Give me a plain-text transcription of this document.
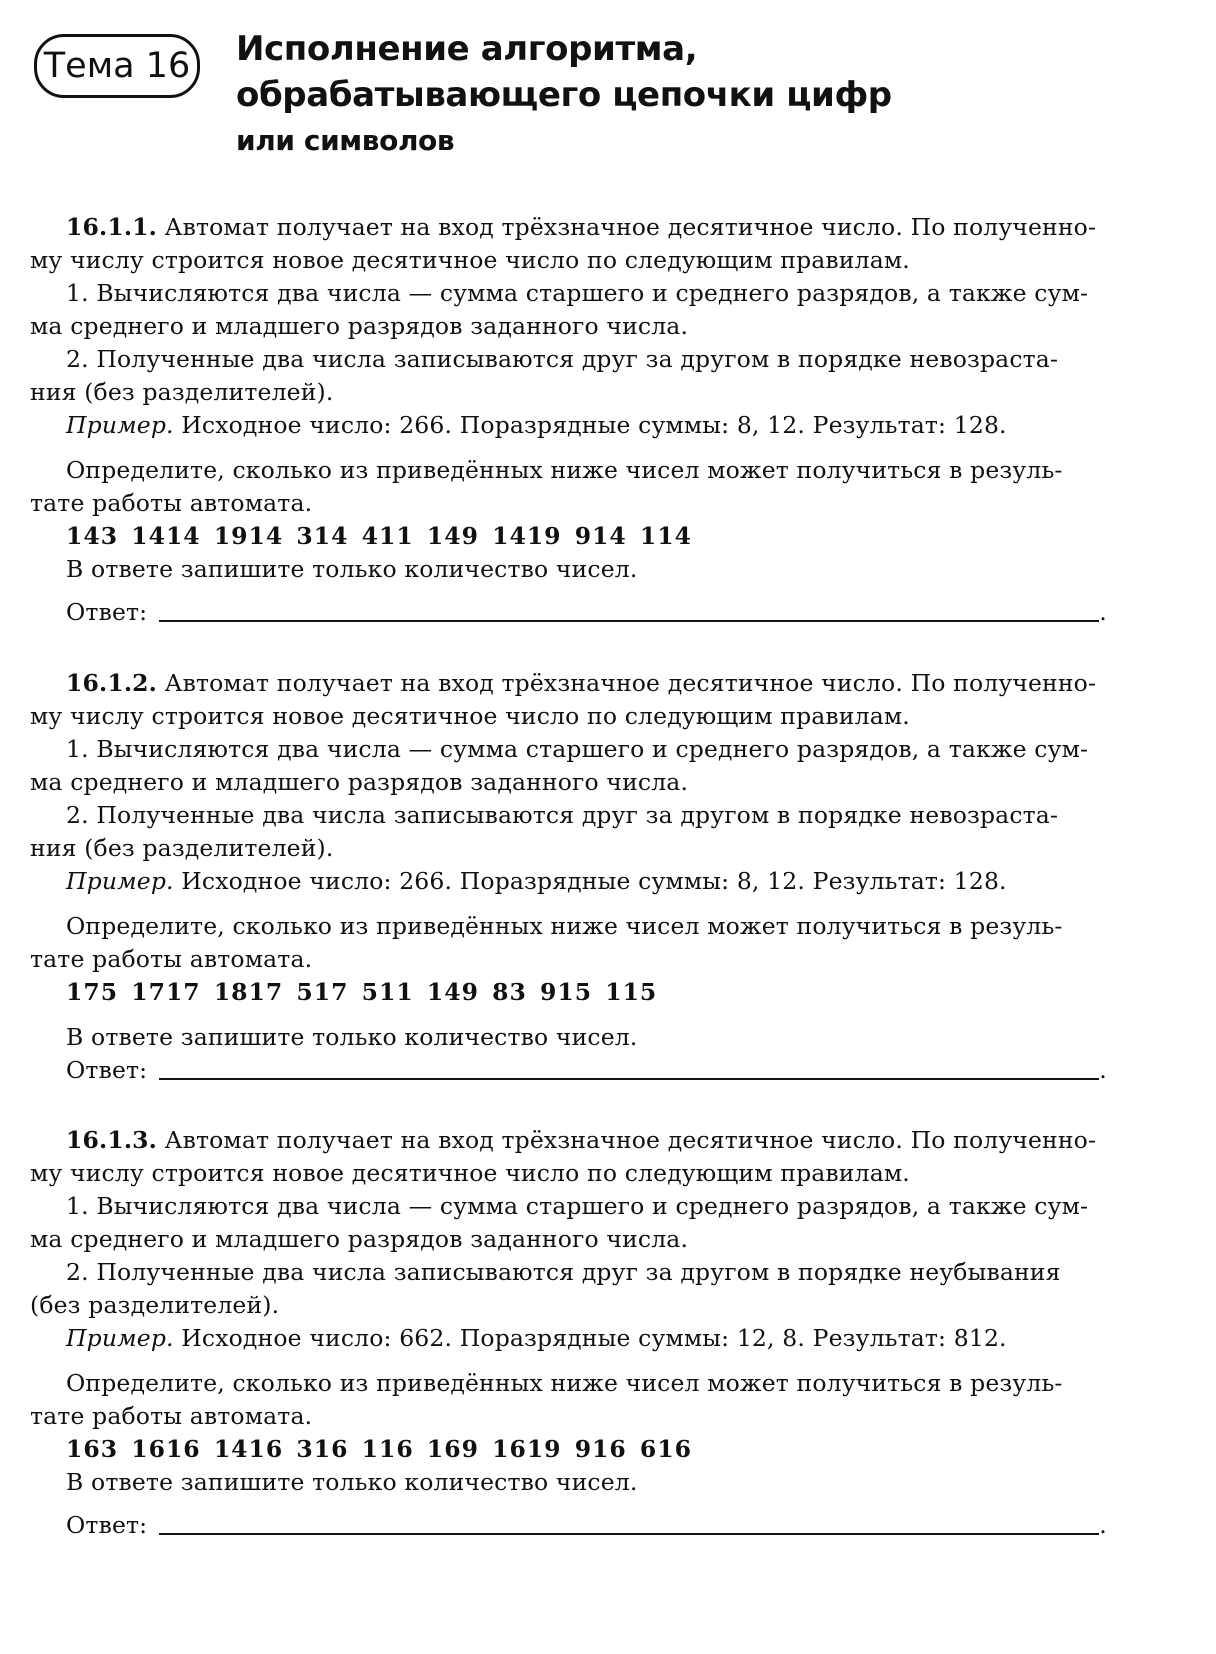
Тема 16 Исполнение алгоритма,
обрабатывающего цепочки цифр
или символов
16.1.1. Автомат получает на вход трёхзначное десятичное число. По полученно-
му числу строится новое десятичное число по следующим правилам.
1. Вычисляются два числа — сумма старшего и среднего разрядов, а также сум-
ма среднего и младшего разрядов заданного числа.
2. Полученные два числа записываются друг за другом в порядке невозраста-
ния (без разделителей).
Пример. Исходное число: 266. Поразрядные суммы: 8, 12. Результат: 128.
Определите, сколько из приведённых ниже чисел может получиться в резуль-
тате работы автомата.
143 1414 1914 314 411 149 1419 914 114
В ответе запишите только количество чисел.
Ответ:	.
16.1.2. Автомат получает на вход трёхзначное десятичное число. По полученно-
му числу строится новое десятичное число по следующим правилам.
1. Вычисляются два числа — сумма старшего и среднего разрядов, а также сум-
ма среднего и младшего разрядов заданного числа.
2. Полученные два числа записываются друг за другом в порядке невозраста-
ния (без разделителей).
Пример. Исходное число: 266. Поразрядные суммы: 8, 12. Результат: 128.
Определите, сколько из приведённых ниже чисел может получиться в резуль-
тате работы автомата.
175 1717 1817 517 511 149 83 915 115
В ответе запишите только количество чисел.
Ответ:	.
16.1.3. Автомат получает на вход трёхзначное десятичное число. По полученно-
му числу строится новое десятичное число по следующим правилам.
1. Вычисляются два числа — сумма старшего и среднего разрядов, а также сум-
ма среднего и младшего разрядов заданного числа.
2. Полученные два числа записываются друг за другом в порядке неубывания
(без разделителей).
Пример. Исходное число: 662. Поразрядные суммы: 12, 8. Результат: 812.
Определите, сколько из приведённых ниже чисел может получиться в резуль-
тате работы автомата.
163 1616 1416 316 116 169 1619 916 616
В ответе запишите только количество чисел.
Ответ:	.
